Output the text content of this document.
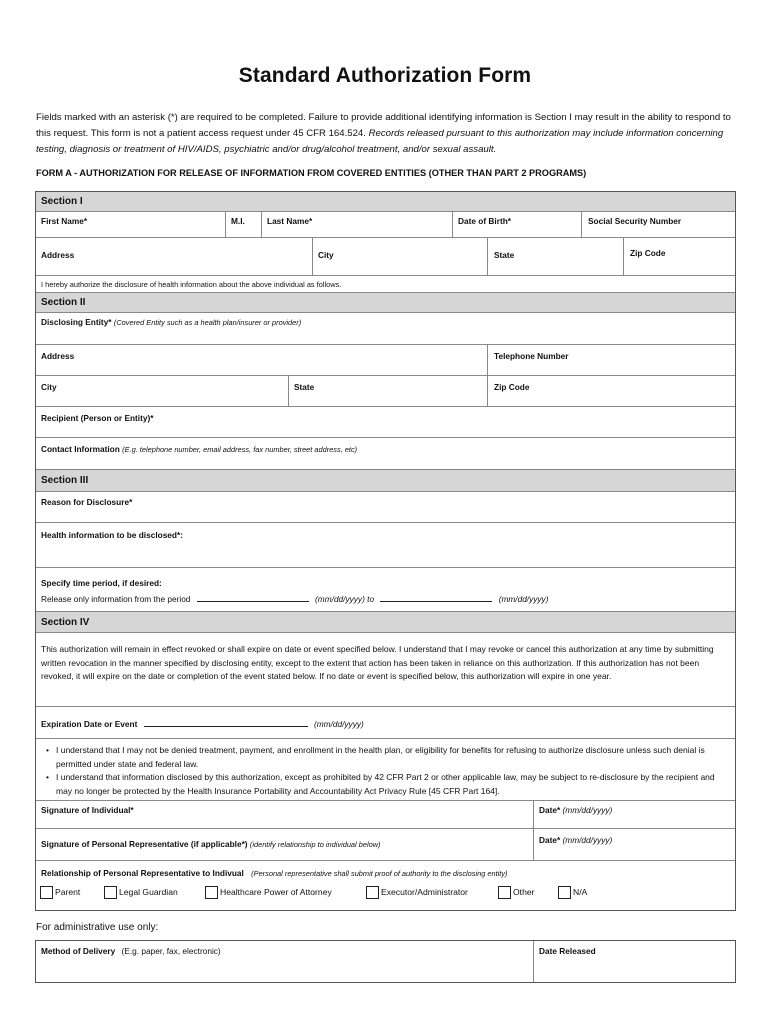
Standard Authorization Form
Fields marked with an asterisk (*) are required to be completed. Failure to provide additional identifying information is Section I may result in the ability to respond to this request. This form is not a patient access request under 45 CFR 164.524. Records released pursuant to this authorization may include information concerning testing, diagnosis or treatment of HIV/AIDS, psychiatric and/or drug/alcohol treatment, and/or sexual assault.
FORM A - AUTHORIZATION FOR RELEASE OF INFORMATION FROM COVERED ENTITIES (OTHER THAN PART 2 PROGRAMS)
Section I
First Name*	M.I.	Last Name*	Date of Birth*	Social Security Number
Address	City	State	Zip Code
I hereby authorize the disclosure of health information about the above individual as follows.
Section II
Disclosing Entity* (Covered Entity such as a health plan/insurer or provider)
Address	Telephone Number
City	State	Zip Code
Recipient (Person or Entity)*
Contact Information (E.g. telephone number, email address, fax number, street address, etc)
Section III
Reason for Disclosure*
Health information to be disclosed*:
Specify time period, if desired:
Release only information from the period	(mm/dd/yyyy) to	(mm/dd/yyyy)
Section IV
This authorization will remain in effect revoked or shall expire on date or event specified below. I understand that I may revoke or cancel this authorization at any time by submitting written revocation in the manner specified by disclosing entity, except to the extent that action has been taken in reliance on this authorization. If this authorization has not been revoked, it will expire on the date or completion of the event stated below. If no date or event is specified below, this authorization will expire in one year.
Expiration Date or Event	(mm/dd/yyyy)
• I understand that I may not be denied treatment, payment, and enrollment in the health plan, or eligibility for benefits for refusing to authorize disclosure unless such denial is permitted under state and federal law.
• I understand that information disclosed by this authorization, except as prohibited by 42 CFR Part 2 or other applicable law, may be subject to re-disclosure by the recipient and may no longer be protected by the Health Insurance Portability and Accountability Act Privacy Rule [45 CFR Part 164].
Signature of Individual*	Date* (mm/dd/yyyy)
Signature of Personal Representative (if applicable*) (identify relationship to individual below)	Date* (mm/dd/yyyy)
Relationship of Personal Representative to Indivual (Personal representative shall submit proof of authority to the disclosing entity)
Parent	Legal Guardian	Healthcare Power of Attorney	Executor/Administrator	Other	N/A
For administrative use only:
Method of Delivery (E.g. paper, fax, electronic)	Date Released
